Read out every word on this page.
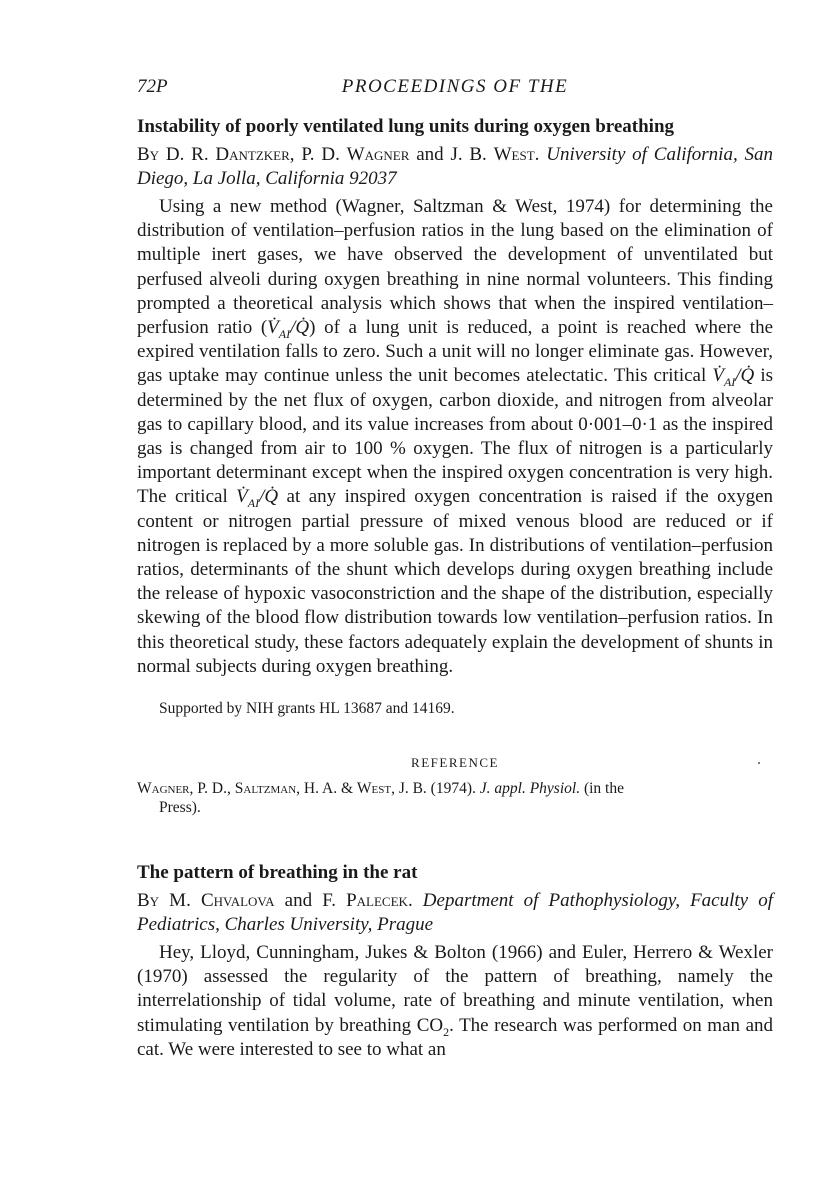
72P	PROCEEDINGS OF THE
Instability of poorly ventilated lung units during oxygen breathing

By D. R. Dantzker, P. D. Wagner and J. B. West. University of California, San Diego, La Jolla, California 92037

Using a new method (Wagner, Saltzman & West, 1974) for determining the distribution of ventilation–perfusion ratios in the lung based on the elimination of multiple inert gases, we have observed the development of unventilated but perfused alveoli during oxygen breathing in nine normal volunteers. This finding prompted a theoretical analysis which shows that when the inspired ventilation–perfusion ratio $(V̇_{AI}/Q̇)$ of a lung unit is reduced, a point is reached where the expired ventilation falls to zero. Such a unit will no longer eliminate gas. However, gas uptake may continue unless the unit becomes atelectatic. This critical $V̇_{AI}/Q̇$ is determined by the net flux of oxygen, carbon dioxide, and nitrogen from alveolar gas to capillary blood, and its value increases from about 0·001–0·1 as the inspired gas is changed from air to 100 % oxygen. The flux of nitrogen is a particularly important determinant except when the inspired oxygen concentration is very high. The critical $V̇_{AI}/Q̇$ at any inspired oxygen concentration is raised if the oxygen content or nitrogen partial pressure of mixed venous blood are reduced or if nitrogen is replaced by a more soluble gas. In distributions of ventilation–perfusion ratios, determinants of the shunt which develops during oxygen breathing include the release of hypoxic vasoconstriction and the shape of the distribution, especially skewing of the blood flow distribution towards low ventilation–perfusion ratios. In this theoretical study, these factors adequately explain the development of shunts in normal subjects during oxygen breathing.

Supported by NIH grants HL 13687 and 14169.

REFERENCE

Wagner, P. D., Saltzman, H. A. & West, J. B. (1974). J. appl. Physiol. (in the
Press).

The pattern of breathing in the rat

By M. Chvalova and F. Palecek. Department of Pathophysiology, Faculty of Pediatrics, Charles University, Prague

Hey, Lloyd, Cunningham, Jukes & Bolton (1966) and Euler, Herrero & Wexler (1970) assessed the regularity of the pattern of breathing, namely the interrelationship of tidal volume, rate of breathing and minute ventilation, when stimulating ventilation by breathing $CO_2$. The research was performed on man and cat. We were interested to see to what an
